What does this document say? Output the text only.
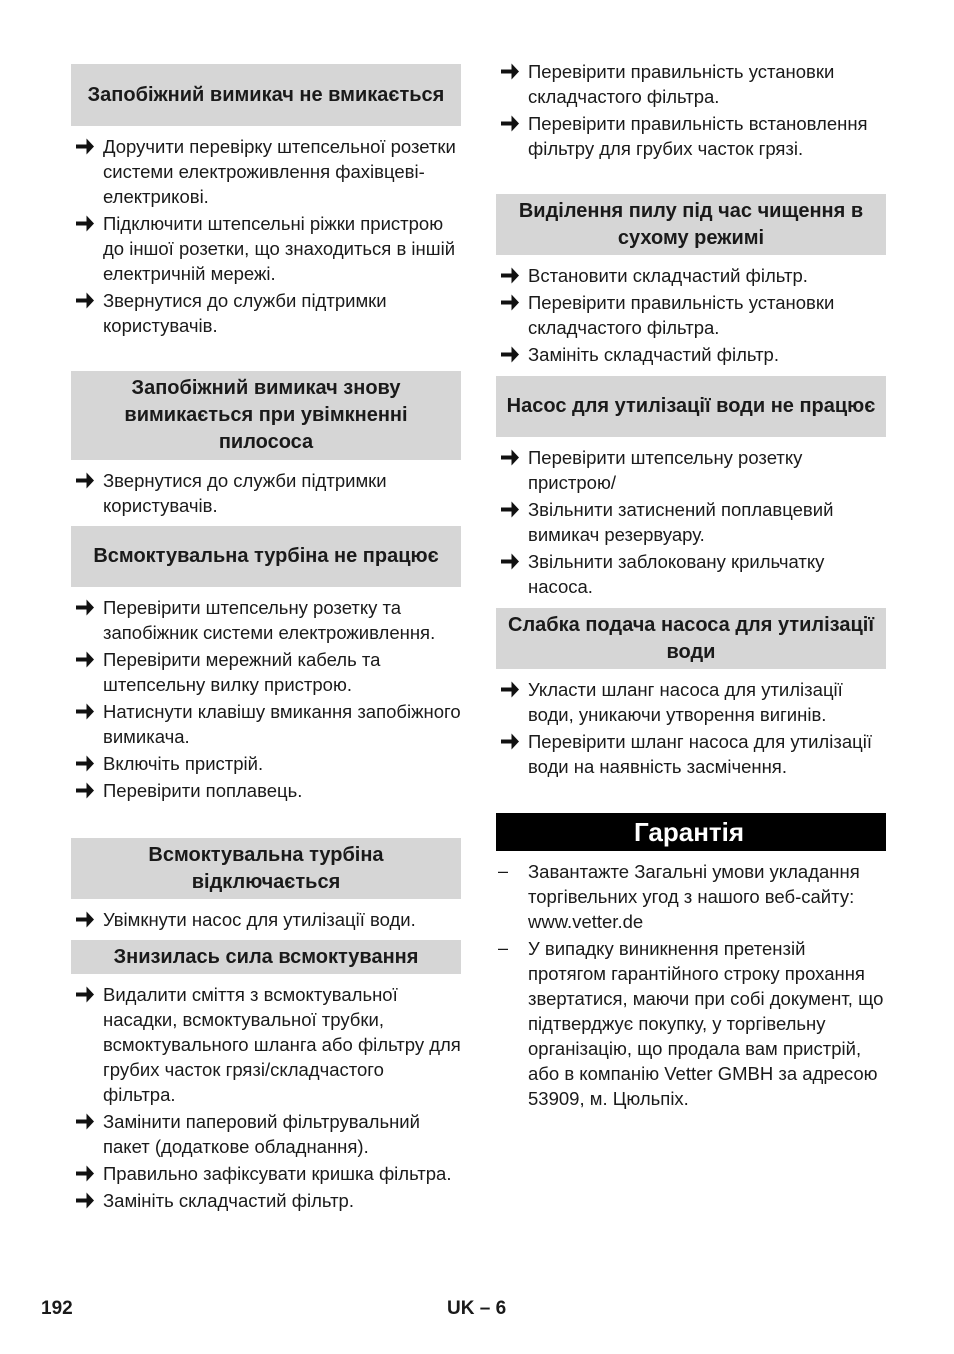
Запобіжний вимикач не вмикається
Доручити перевірку штепсельної розетки системи електроживлення фахівцеві-електрикові.
Підключити штепсельні ріжки пристрою до іншої розетки, що знаходиться в іншій електричній мережі.
Звернутися до служби підтримки користувачів.
Запобіжний вимикач знову вимикається при увімкненні пилососа
Звернутися до служби підтримки користувачів.
Всмоктувальна турбіна не працює
Перевірити штепсельну розетку та запобіжник системи електроживлення.
Перевірити мережний кабель та штепсельну вилку пристрою.
Натиснути клавішу вмикання запобіжного вимикача.
Включіть пристрій.
Перевірити поплавець.
Всмоктувальна турбіна відключається
Увімкнути насос для утилізації води.
Знизилась сила всмоктування
Видалити сміття з всмоктувальної насадки, всмоктувальної трубки, всмоктувального шланга або фільтру для грубих часток грязі/складчастого фільтра.
Замінити паперовий фільтрувальний пакет (додаткове обладнання).
Правильно зафіксувати кришка фільтра.
Замініть складчастий фільтр.
Перевірити правильність установки складчастого фільтра.
Перевірити правильність встановлення фільтру для грубих часток грязі.
Виділення пилу під час чищення в сухому режимі
Встановити складчастий фільтр.
Перевірити правильність установки складчастого фільтра.
Замініть складчастий фільтр.
Насос для утилізації води не працює
Перевірити штепсельну розетку пристрою/
Звільнити затиснений поплавцевий вимикач резервуару.
Звільнити заблоковану крильчатку насоса.
Слабка подача насоса для утилізації води
Укласти шланг насоса для утилізації води, уникаючи утворення вигинів.
Перевірити шланг насоса для утилізації води на наявність засмічення.
Гарантія
– Завантажте Загальні умови укладання торгівельних угод з нашого веб-сайту: www.vetter.de
– У випадку виникнення претензій протягом гарантійного строку прохання звертатися, маючи при собі документ, що підтверджує покупку, у торгівельну організацію, що продала вам пристрій, або в компанію Vetter GMBH за адресою 53909, м. Цюльпіх.
192	UK – 6
